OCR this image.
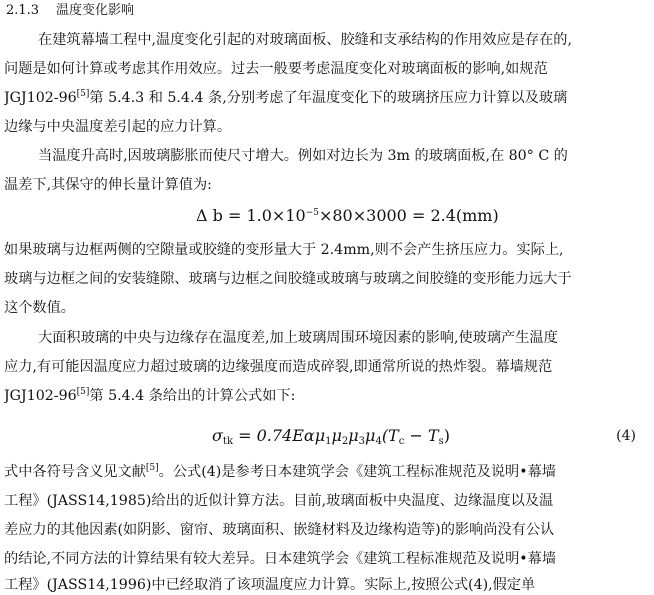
2.1.3 温度变化影响
在建筑幕墙工程中,温度变化引起的对玻璃面板、胶缝和支承结构的作用效应是存在的,
问题是如何计算或考虑其作用效应。过去一般要考虑温度变化对玻璃面板的影响,如规范
JGJ102-96[5]第 5.4.3 和 5.4.4 条,分别考虑了年温度变化下的玻璃挤压应力计算以及玻璃
边缘与中央温度差引起的应力计算。
当温度升高时,因玻璃膨胀而使尺寸增大。例如对边长为 3m 的玻璃面板,在 80° C 的
温差下,其保守的伸长量计算值为:
Δ $b = 1.0\times 10^{-5}\times 80\times 3000 = 2.4(mm)$
如果玻璃与边框两侧的空隙量或胶缝的变形量大于 2.4mm,则不会产生挤压应力。实际上,
玻璃与边框之间的安装缝隙、玻璃与边框之间胶缝或玻璃与玻璃之间胶缝的变形能力远大于
这个数值。
大面积玻璃的中央与边缘存在温度差,加上玻璃周围环境因素的影响,使玻璃产生温度
应力,有可能因温度应力超过玻璃的边缘强度而造成碎裂,即通常所说的热炸裂。幕墙规范
JGJ102-96[5]第 5.4.4 条给出的计算公式如下:
$\sigma_{tk} = 0.74E\alpha\mu_1\mu_2\mu_3\mu_4(T_c - T_s)$	(4)
式中各符号含义见文献[5]。公式(4)是参考日本建筑学会《建筑工程标准规范及说明•幕墙
工程》(JASS14,1985)给出的近似计算方法。目前,玻璃面板中央温度、边缘温度以及温
差应力的其他因素(如阴影、窗帘、玻璃面积、嵌缝材料及边缘构造等)的影响尚没有公认
的结论,不同方法的计算结果有较大差异。日本建筑学会《建筑工程标准规范及说明•幕墙
工程》(JASS14,1996)中已经取消了该项温度应力计算。实际上,按照公式(4),假定单
